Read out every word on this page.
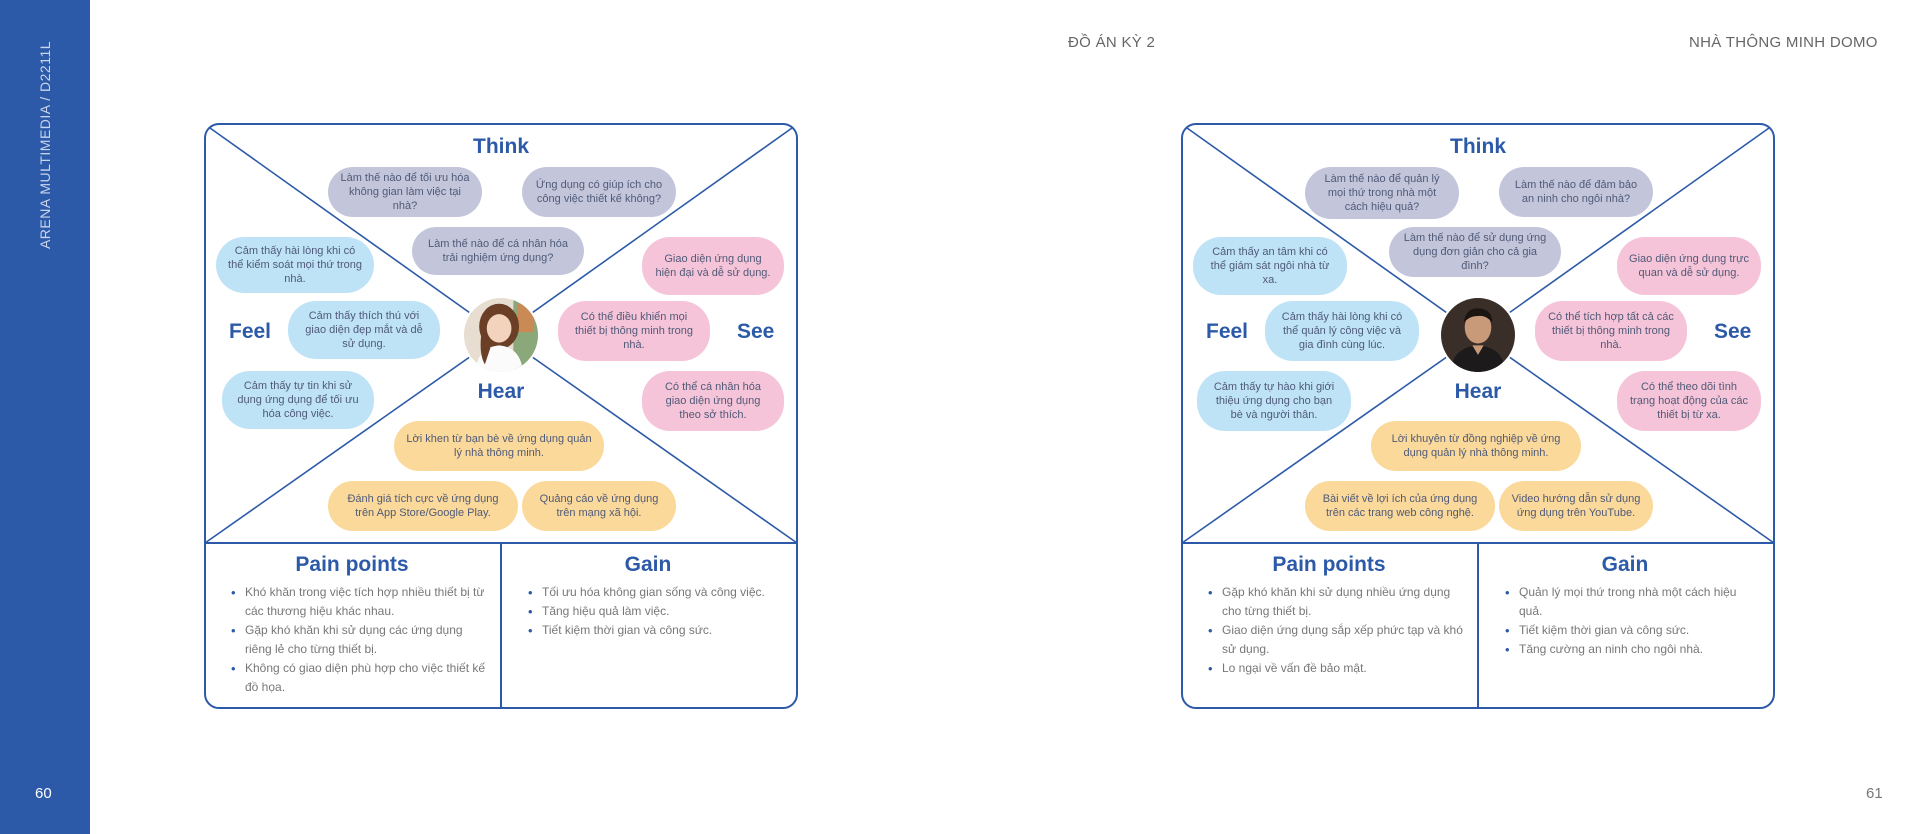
ARENA MULTIMEDIA / D2211L
60
ĐỒ ÁN KỲ 2	NHÀ THÔNG MINH DOMO
61
Think
Feel	See
Hear
Làm thế nào để tối ưu hóa không gian làm việc tại nhà?
Ứng dụng có giúp ích cho công việc thiết kế không?
Làm thế nào để cá nhân hóa trải nghiệm ứng dụng?
Cảm thấy hài lòng khi có thể kiểm soát mọi thứ trong nhà.
Cảm thấy thích thú với giao diện đẹp mắt và dễ sử dụng.
Cảm thấy tự tin khi sử dụng ứng dụng để tối ưu hóa công việc.
Giao diện ứng dụng hiện đại và dễ sử dụng.
Có thể điều khiển mọi thiết bị thông minh trong nhà.
Có thể cá nhân hóa giao diện ứng dụng theo sở thích.
Lời khen từ bạn bè về ứng dụng quản lý nhà thông minh.
Đánh giá tích cực về ứng dụng trên App Store/Google Play.
Quảng cáo về ứng dụng trên mạng xã hội.
Pain points	Gain
• Khó khăn trong việc tích hợp nhiều thiết bị từ các thương hiệu khác nhau.
• Gặp khó khăn khi sử dụng các ứng dụng riêng lẻ cho từng thiết bị.
• Không có giao diện phù hợp cho việc thiết kế đồ họa.
• Tối ưu hóa không gian sống và công việc.
• Tăng hiệu quả làm việc.
• Tiết kiệm thời gian và công sức.
Think
Feel	See
Hear
Làm thế nào để quản lý mọi thứ trong nhà một cách hiệu quả?
Làm thế nào để đảm bảo an ninh cho ngôi nhà?
Làm thế nào để sử dụng ứng dụng đơn giản cho cả gia đình?
Cảm thấy an tâm khi có thể giám sát ngôi nhà từ xa.
Cảm thấy hài lòng khi có thể quản lý công việc và gia đình cùng lúc.
Cảm thấy tự hào khi giới thiệu ứng dụng cho bạn bè và người thân.
Giao diện ứng dụng trực quan và dễ sử dụng.
Có thể tích hợp tất cả các thiết bị thông minh trong nhà.
Có thể theo dõi tình trạng hoạt động của các thiết bị từ xa.
Lời khuyên từ đồng nghiệp về ứng dụng quản lý nhà thông minh.
Bài viết về lợi ích của ứng dụng trên các trang web công nghệ.
Video hướng dẫn sử dụng ứng dụng trên YouTube.
Pain points	Gain
• Gặp khó khăn khi sử dụng nhiều ứng dụng cho từng thiết bị.
• Giao diện ứng dụng sắp xếp phức tạp và khó sử dụng.
• Lo ngại về vấn đề bảo mật.
• Quản lý mọi thứ trong nhà một cách hiệu quả.
• Tiết kiệm thời gian và công sức.
• Tăng cường an ninh cho ngôi nhà.
